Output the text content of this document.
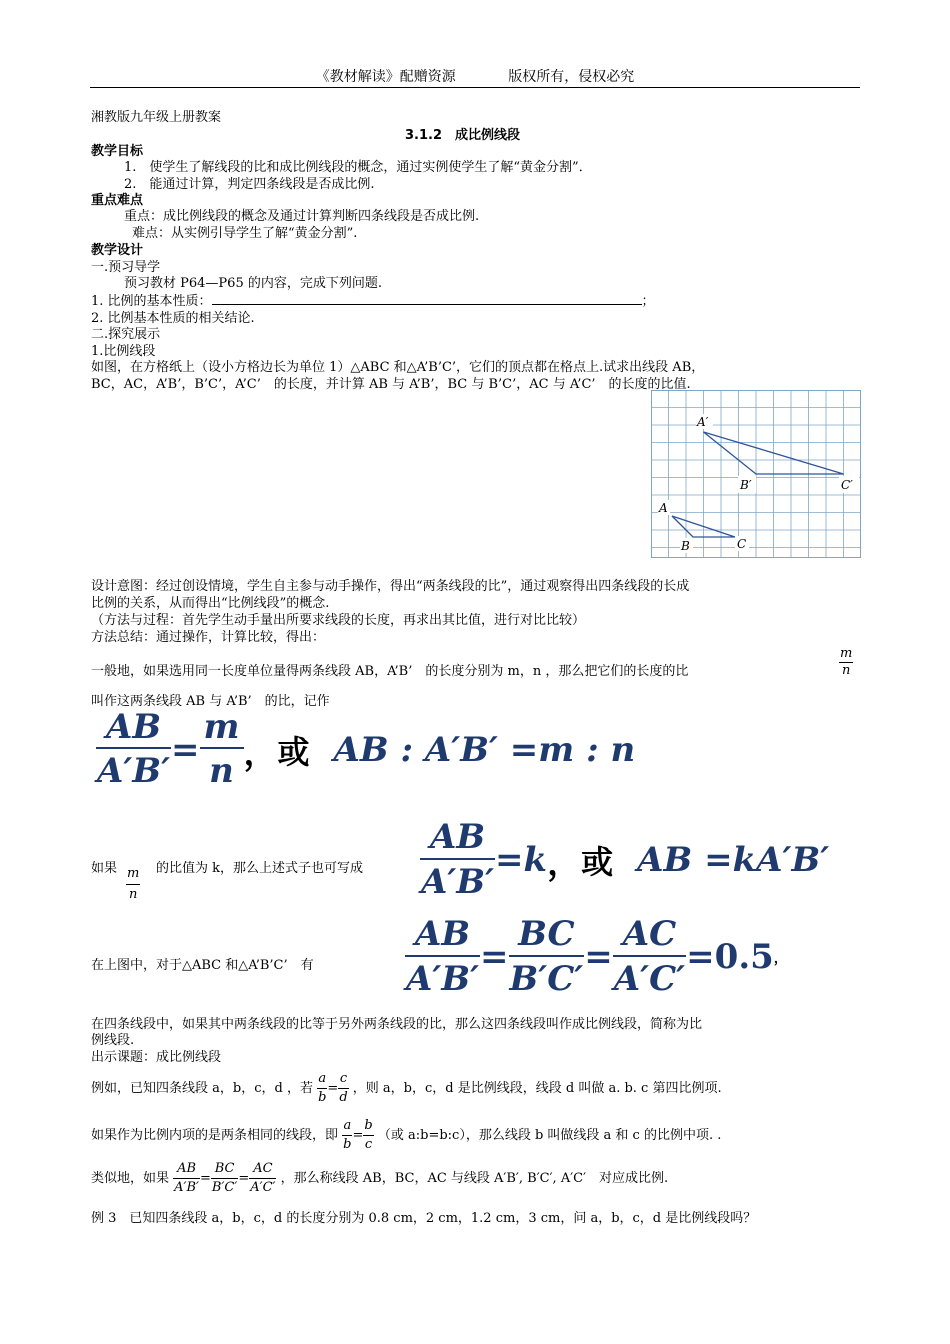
《教材解读》配赠资源	版权所有，侵权必究
湘教版九年级上册教案
3.1.2　成比例线段
教学目标
1.　使学生了解线段的比和成比例线段的概念，通过实例使学生了解“黄金分割”．
2.　能通过计算，判定四条线段是否成比例.
重点难点
重点：成比例线段的概念及通过计算判断四条线段是否成比例.
难点：从实例引导学生了解“黄金分割”.
教学设计
一.预习导学
预习教材 P64—P65 的内容，完成下列问题.
1. 比例的基本性质：	；
2. 比例基本性质的相关结论.
二.探究展示
1.比例线段
如图，在方格纸上（设小方格边长为单位 1）△ABC 和△A’B’C’，它们的顶点都在格点上.试求出线段 AB，
BC，AC，A’B’，B’C’，A’C’　的长度，并计算 AB 与 A’B’，BC 与 B’C’，AC 与 A’C’　的长度的比值.
A′
B′	C′
A
B	C
设计意图：经过创设情境，学生自主参与动手操作，得出“两条线段的比”，通过观察得出四条线段的长成
比例的关系，从而得出“比例线段”的概念.
（方法与过程：首先学生动手量出所要求线段的长度，再求出其比值，进行对比比较）
方法总结：通过操作，计算比较，得出：
一般地，如果选用同一长度单位量得两条线段 AB，A’B’　的长度分别为 m，n ，那么把它们的长度的比	$\frac{m}{n}$
叫作这两条线段 AB 与 A’B’　的比，记作
$\frac{AB}{A'B'} = \frac{m}{n}$ ，或 AB : A′B′ =m : n
如果 $\frac{m}{n}$ 的比值为 k，那么上述式子也可写成 $\frac{AB}{A'B'} =k$，或 AB =kA′B′
在上图中，对于△ABC 和△A’B’C’　有	$\frac{AB}{A'B'} = \frac{BC}{B'C'} = \frac{AC}{A'C'} =0.5$，
在四条线段中，如果其中两条线段的比等于另外两条线段的比，那么这四条线段叫作成比例线段，简称为比
例线段.
出示课题：成比例线段
例如，已知四条线段 a，b，c，d ，若 $\frac{a}{b} = \frac{c}{d}$ ，则 a，b，c，d 是比例线段，线段 d 叫做 a. b. c 第四比例项.
如果作为比例内项的是两条相同的线段，即 $\frac{a}{b} = \frac{b}{c}$ （或 a:b=b:c），那么线段 b 叫做线段 a 和 c 的比例中项. .
类似地，如果 $\frac{AB}{A'B'} = \frac{BC}{B'C'} = \frac{AC}{A'C'}$ ，那么称线段 AB，BC，AC 与线段 A′B′, B′C′, A′C′　对应成比例.
例 3　已知四条线段 a，b，c，d 的长度分别为 0.8 cm，2 cm，1.2 cm，3 cm，问 a，b，c，d 是比例线段吗？
